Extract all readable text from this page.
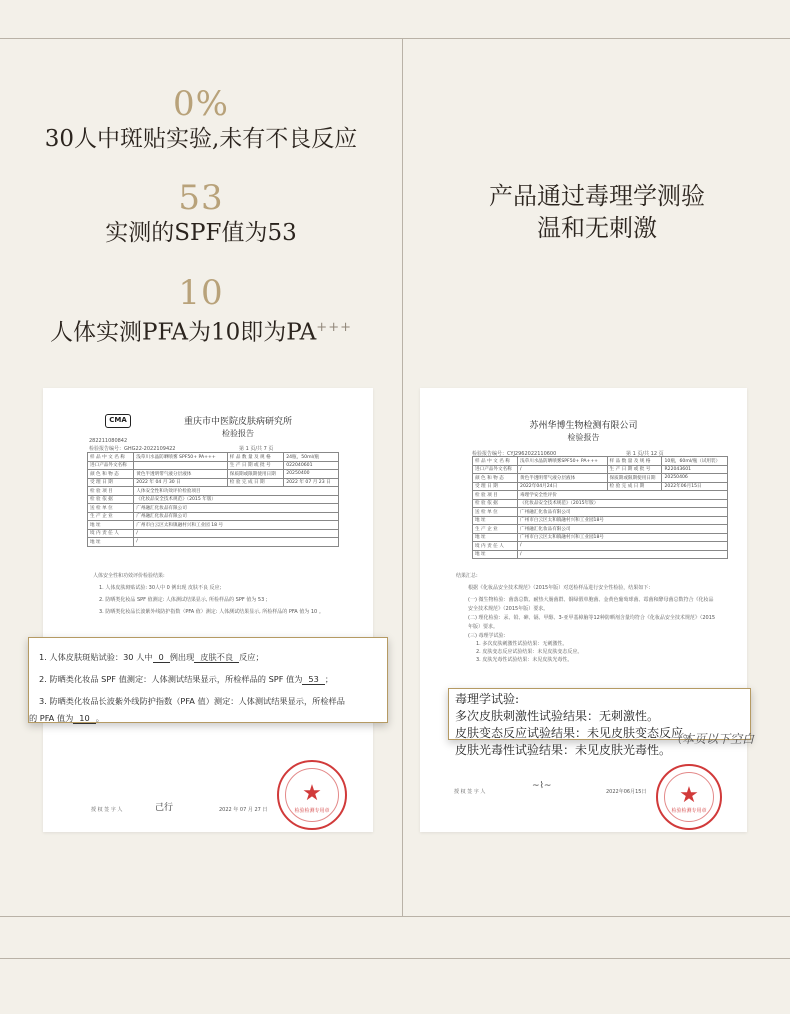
0%
30人中斑贴实验,未有不良反应
53
实测的SPF值为53
10
人体实测PFA为10即为PA+++
产品通过毒理学测验
温和无刺激
CMA	重庆市中医院皮肤病研究所
检验报告
282211080842
检验报告编号：GHG22-2022109422	第 1 页/共 7 页
样 品 中 文 名 称	浅草川水晶防晒喷雾 SPF50+ PA+++	样 品 数 量 及 规 格	24瓶，50ml/瓶
进口产品外文名称		生 产 日 期 或 批 号	022040601
颜 色 和 物 态	黄色半透明带气液分层液体	保质期或限期使用日期	20250400
受 理 日 期	2022 年 04 月 30 日	检 验 完 成 日 期	2022 年 07 月 23 日
检 验 项 目	人体安全性和功效评价检验项目		
检 验 依 据	《化妆品安全技术规范》（2015 年版）		
送 检 单 位	广州融汇化妆品有限公司		
生 产 企 业	广州融汇化妆品有限公司		
地 址	广州市白云区太和镇融村兴和工业园 18 号		
境 内 责 任 人	/		
地 址	/		
人体安全性和功效评价检验结果:
1. 人体皮肤斑贴试验: 30人中 0 例出现 皮肤不良 反应;
2. 防晒类化妆品 SPF 值测定: 人体测试结果显示, 所检样品的 SPF 值为 53 ;
3. 防晒类化妆品长波紫外线防护指数（PFA 值）测定: 人体测试结果显示, 所检样品的 PFA 值为 10 。
授 权 签 字 人	己行	2022 年 07 月 27 日
★
检验检测专用章
苏州华博生物检测有限公司
检验报告
检验报告编号：CYJ2962022110600	第 1 页/共 12 页
样 品 中 文 名 称	浅草川水晶防晒喷雾SPF50+ PA+++	样 品 数 量 及 规 格	10瓶，60ml/瓶（试用装）
进口产品外文名称	/	生 产 日 期 或 批 号	R22043601
颜 色 和 物 态	黄色半透明带气液分层液体	保质期或限期使用日期	20250406
受 理 日 期	2022年04月24日	检 验 完 成 日 期	2022年06月15日
检 验 项 目	毒理学安全性评价		
检 验 依 据	《化妆品安全技术规范》（2015年版）		
送 检 单 位	广州融汇化妆品有限公司		
地 址	广州市白云区太和镇融村兴和工业园18号		
生 产 企 业	广州融汇化妆品有限公司		
地 址	广州市白云区太和镇融村兴和工业园18号		
境 内 责 任 人	/		
地 址	/		
结果汇总:
根据《化妆品安全技术规范》（2015年版）对送检样品进行安全性检验，结果如下：
(一) 微生物检验：菌落总数、耐热大肠菌群、铜绿假单胞菌、金黄色葡萄球菌、霉菌和酵母菌总数符合《化妆品安全技术规范》（2015年版）要求。
(二) 理化检验：汞、铅、砷、镉、甲醇、3-亚甲基樟脑等12种防晒剂含量均符合《化妆品安全技术规范》（2015年版）要求。
(三) 毒理学试验：
1. 多次皮肤刺激性试验结果：无刺激性。
2. 皮肤变态反应试验结果：未见皮肤变态反应。
3. 皮肤光毒性试验结果：未见皮肤光毒性。
授 权 签 字 人
~⌇~
2022年06月15日 ★
检验检测专用章
1. 人体皮肤斑贴试验：30 人中 0 例出现 皮肤不良 反应；
2. 防晒类化妆品 SPF 值测定：人体测试结果显示，所检样品的 SPF 值为 53 ；
3. 防晒类化妆品长波紫外线防护指数（PFA 值）测定：人体测试结果显示，所检样品
的 PFA 值为 10 。
毒理学试验:
多次皮肤刺激性试验结果：无刺激性。
皮肤变态反应试验结果：未见皮肤变态反应。
皮肤光毒性试验结果：未见皮肤光毒性。
（本页以下空白
